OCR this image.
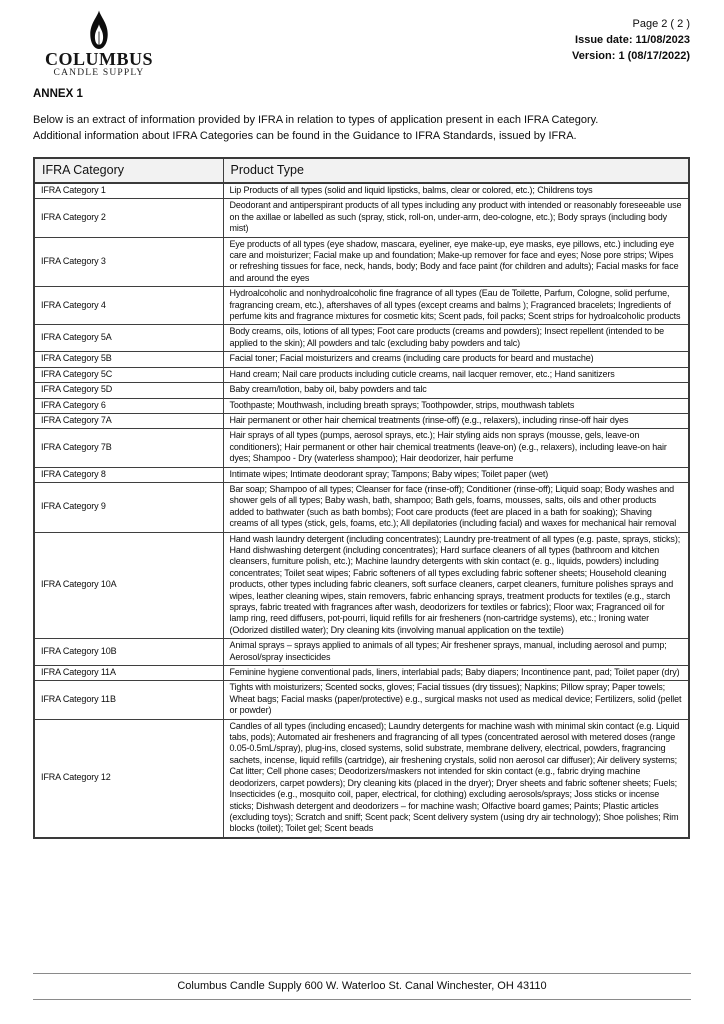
COLUMBUS
CANDLE SUPPLY
Page 2 ( 2 )
Issue date: 11/08/2023
Version: 1 (08/17/2022)
ANNEX 1
Below is an extract of information provided by IFRA in relation to types of application present in each IFRA Category.
Additional information about IFRA Categories can be found in the Guidance to IFRA Standards, issued by IFRA.
IFRA Category	Product Type
IFRA Category 1	Lip Products of all types (solid and liquid lipsticks, balms, clear or colored, etc.); Childrens toys
IFRA Category 2	Deodorant and antiperspirant products of all types including any product with intended or reasonably foreseeable use on the axillae or labelled as such (spray, stick, roll-on, under-arm, deo-cologne, etc.); Body sprays (including body mist)
IFRA Category 3	Eye products of all types (eye shadow, mascara, eyeliner, eye make-up, eye masks, eye pillows, etc.) including eye care and moisturizer; Facial make up and foundation; Make-up remover for face and eyes; Nose pore strips; Wipes or refreshing tissues for face, neck, hands, body; Body and face paint (for children and adults); Facial masks for face and around the eyes
IFRA Category 4	Hydroalcoholic and nonhydroalcoholic fine fragrance of all types (Eau de Toilette, Parfum, Cologne, solid perfume, fragrancing cream, etc.), aftershaves of all types (except creams and balms ); Fragranced bracelets; Ingredients of perfume kits and fragrance mixtures for cosmetic kits; Scent pads, foil packs; Scent strips for hydroalcoholic products
IFRA Category 5A	Body creams, oils, lotions of all types; Foot care products (creams and powders); Insect repellent (intended to be applied to the skin); All powders and talc (excluding baby powders and talc)
IFRA Category 5B	Facial toner; Facial moisturizers and creams (including care products for beard and mustache)
IFRA Category 5C	Hand cream; Nail care products including cuticle creams, nail lacquer remover, etc.; Hand sanitizers
IFRA Category 5D	Baby cream/lotion, baby oil, baby powders and talc
IFRA Category 6	Toothpaste; Mouthwash, including breath sprays; Toothpowder, strips, mouthwash tablets
IFRA Category 7A	Hair permanent or other hair chemical treatments (rinse-off) (e.g., relaxers), including rinse-off hair dyes
IFRA Category 7B	Hair sprays of all types (pumps, aerosol sprays, etc.); Hair styling aids non sprays (mousse, gels, leave-on conditioners); Hair permanent or other hair chemical treatments (leave-on) (e.g., relaxers), including leave-on hair dyes; Shampoo - Dry (waterless shampoo); Hair deodorizer, hair perfume
IFRA Category 8	Intimate wipes; Intimate deodorant spray; Tampons; Baby wipes; Toilet paper (wet)
IFRA Category 9	Bar soap; Shampoo of all types; Cleanser for face (rinse-off); Conditioner (rinse-off); Liquid soap; Body washes and shower gels of all types; Baby wash, bath, shampoo; Bath gels, foams, mousses, salts, oils and other products added to bathwater (such as bath bombs); Foot care products (feet are placed in a bath for soaking); Shaving creams of all types (stick, gels, foams, etc.); All depilatories (including facial) and waxes for mechanical hair removal
IFRA Category 10A	Hand wash laundry detergent (including concentrates); Laundry pre-treatment of all types (e.g. paste, sprays, sticks); Hand dishwashing detergent (including concentrates); Hard surface cleaners of all types (bathroom and kitchen cleansers, furniture polish, etc.); Machine laundry detergents with skin contact (e. g., liquids, powders) including concentrates; Toilet seat wipes; Fabric softeners of all types excluding fabric softener sheets; Household cleaning products, other types including fabric cleaners, soft surface cleaners, carpet cleaners, furniture polishes sprays and wipes, leather cleaning wipes, stain removers, fabric enhancing sprays, treatment products for textiles (e.g., starch sprays, fabric treated with fragrances after wash, deodorizers for textiles or fabrics); Floor wax; Fragranced oil for lamp ring, reed diffusers, pot-pourri, liquid refills for air fresheners (non-cartridge systems), etc.; Ironing water (Odorized distilled water); Dry cleaning kits (involving manual application on the textile)
IFRA Category 10B	Animal sprays – sprays applied to animals of all types; Air freshener sprays, manual, including aerosol and pump; Aerosol/spray insecticides
IFRA Category 11A	Feminine hygiene conventional pads, liners, interlabial pads; Baby diapers; Incontinence pant, pad; Toilet paper (dry)
IFRA Category 11B	Tights with moisturizers; Scented socks, gloves; Facial tissues (dry tissues); Napkins; Pillow spray; Paper towels; Wheat bags; Facial masks (paper/protective) e.g., surgical masks not used as medical device; Fertilizers, solid (pellet or powder)
IFRA Category 12	Candles of all types (including encased); Laundry detergents for machine wash with minimal skin contact (e.g. Liquid tabs, pods); Automated air fresheners and fragrancing of all types (concentrated aerosol with metered doses (range 0.05-0.5mL/spray), plug-ins, closed systems, solid substrate, membrane delivery, electrical, powders, fragrancing sachets, incense, liquid refills (cartridge), air freshening crystals, solid non aerosol car diffuser); Air delivery systems; Cat litter; Cell phone cases; Deodorizers/maskers not intended for skin contact (e.g., fabric drying machine deodorizers, carpet powders); Dry cleaning kits (placed in the dryer); Dryer sheets and fabric softener sheets; Fuels; Insecticides (e.g., mosquito coil, paper, electrical, for clothing) excluding aerosols/sprays; Joss sticks or incense sticks; Dishwash detergent and deodorizers – for machine wash; Olfactive board games; Paints; Plastic articles (excluding toys); Scratch and sniff; Scent pack; Scent delivery system (using dry air technology); Shoe polishes; Rim blocks (toilet); Toilet gel; Scent beads
Columbus Candle Supply 600 W. Waterloo St. Canal Winchester, OH 43110
